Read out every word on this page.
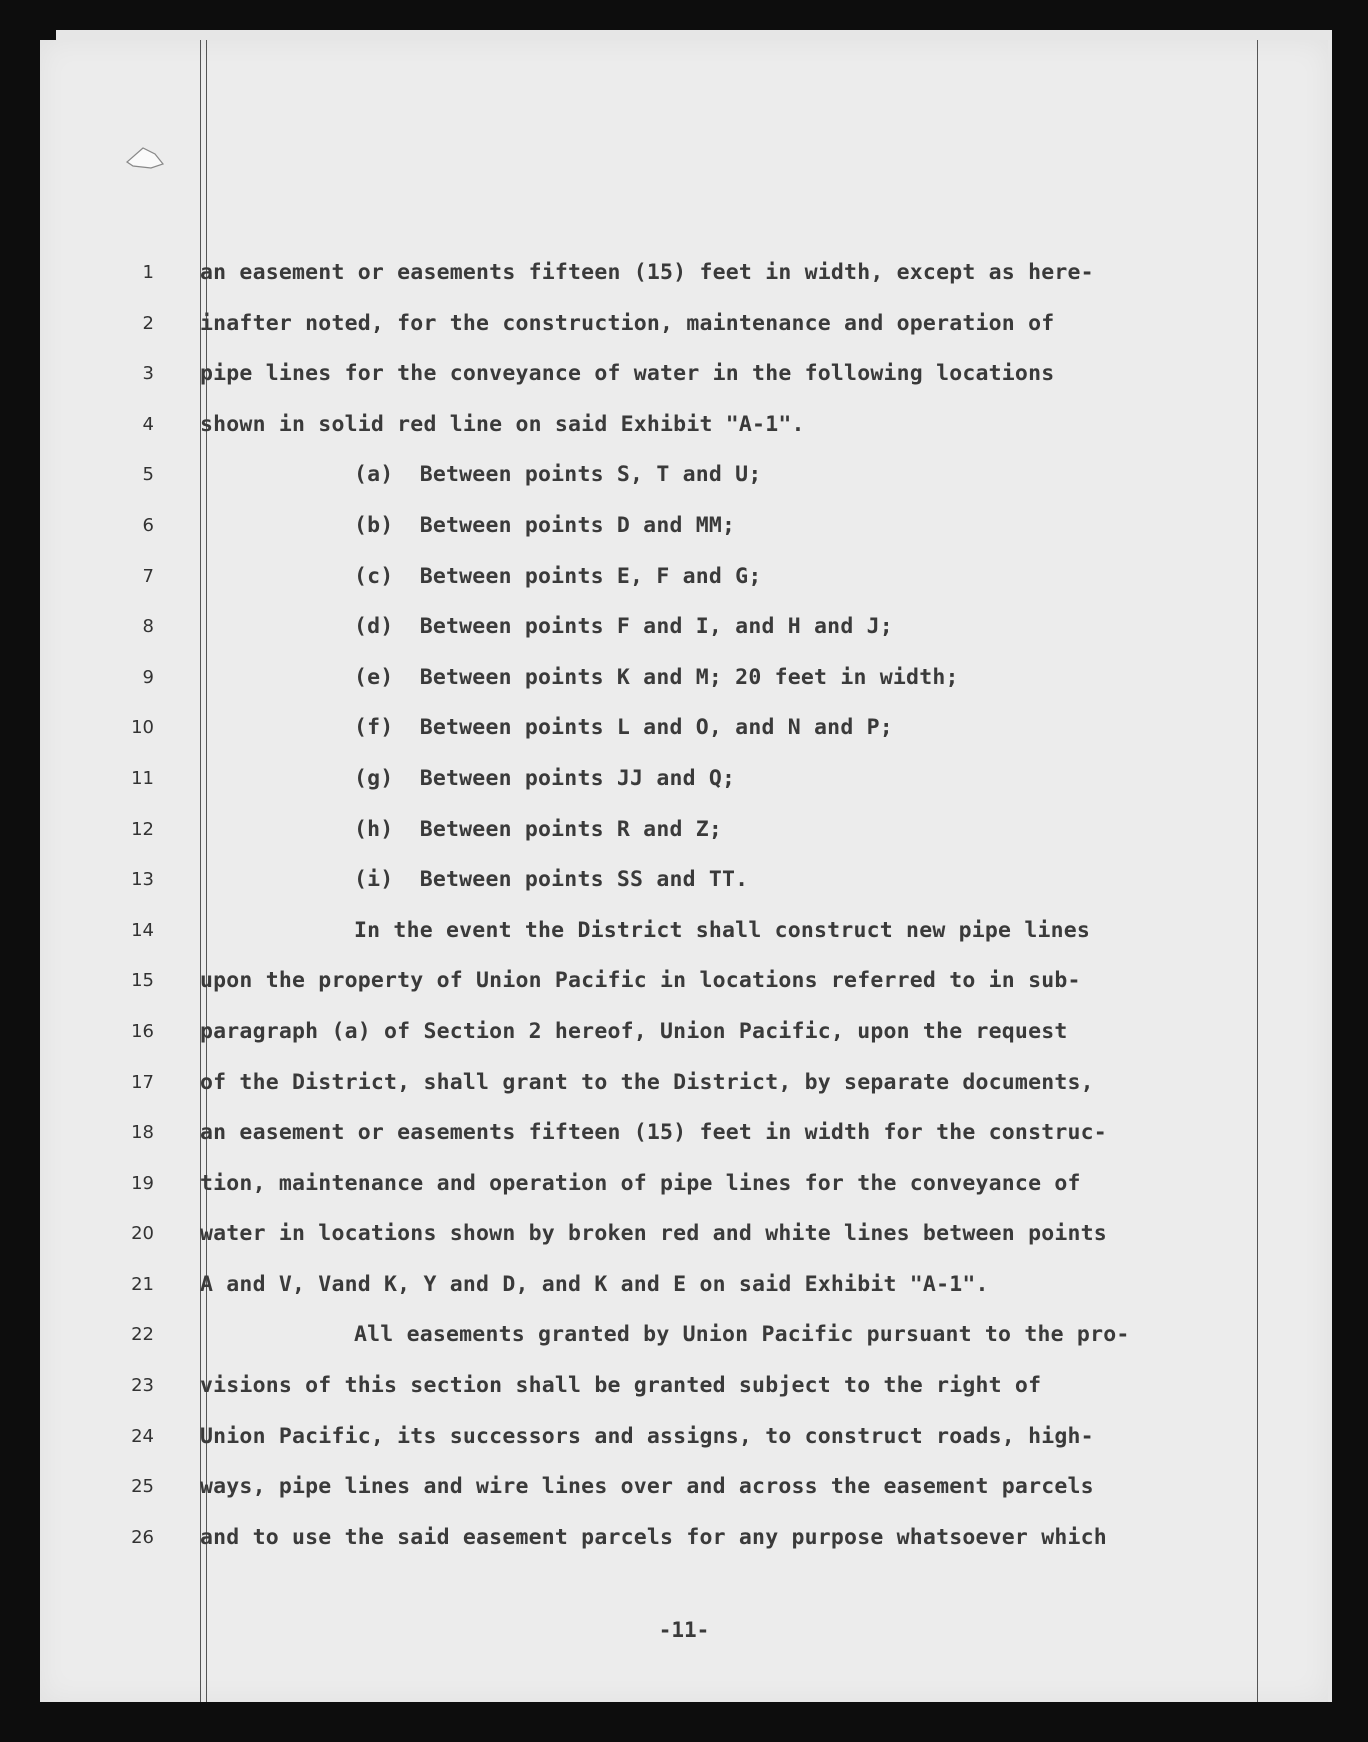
1
2
3
4
5
6
7
8
9
10
11
12
13
14
15
16
17
18
19
20
21
22
23
24
25
26
an easement or easements fifteen (15) feet in width, except as here-
inafter noted, for the construction, maintenance and operation of
pipe lines for the conveyance of water in the following locations
shown in solid red line on said Exhibit "A-1".
(a)  Between points S, T and U;
(b)  Between points D and MM;
(c)  Between points E, F and G;
(d)  Between points F and I, and H and J;
(e)  Between points K and M; 20 feet in width;
(f)  Between points L and O, and N and P;
(g)  Between points JJ and Q;
(h)  Between points R and Z;
(i)  Between points SS and TT.
In the event the District shall construct new pipe lines
upon the property of Union Pacific in locations referred to in sub-
paragraph (a) of Section 2 hereof, Union Pacific, upon the request
of the District, shall grant to the District, by separate documents,
an easement or easements fifteen (15) feet in width for the construc-
tion, maintenance and operation of pipe lines for the conveyance of
water in locations shown by broken red and white lines between points
A and V, Vand K, Y and D, and K and E on said Exhibit "A-1".
All easements granted by Union Pacific pursuant to the pro-
visions of this section shall be granted subject to the right of
Union Pacific, its successors and assigns, to construct roads, high-
ways, pipe lines and wire lines over and across the easement parcels
and to use the said easement parcels for any purpose whatsoever which
-11-
